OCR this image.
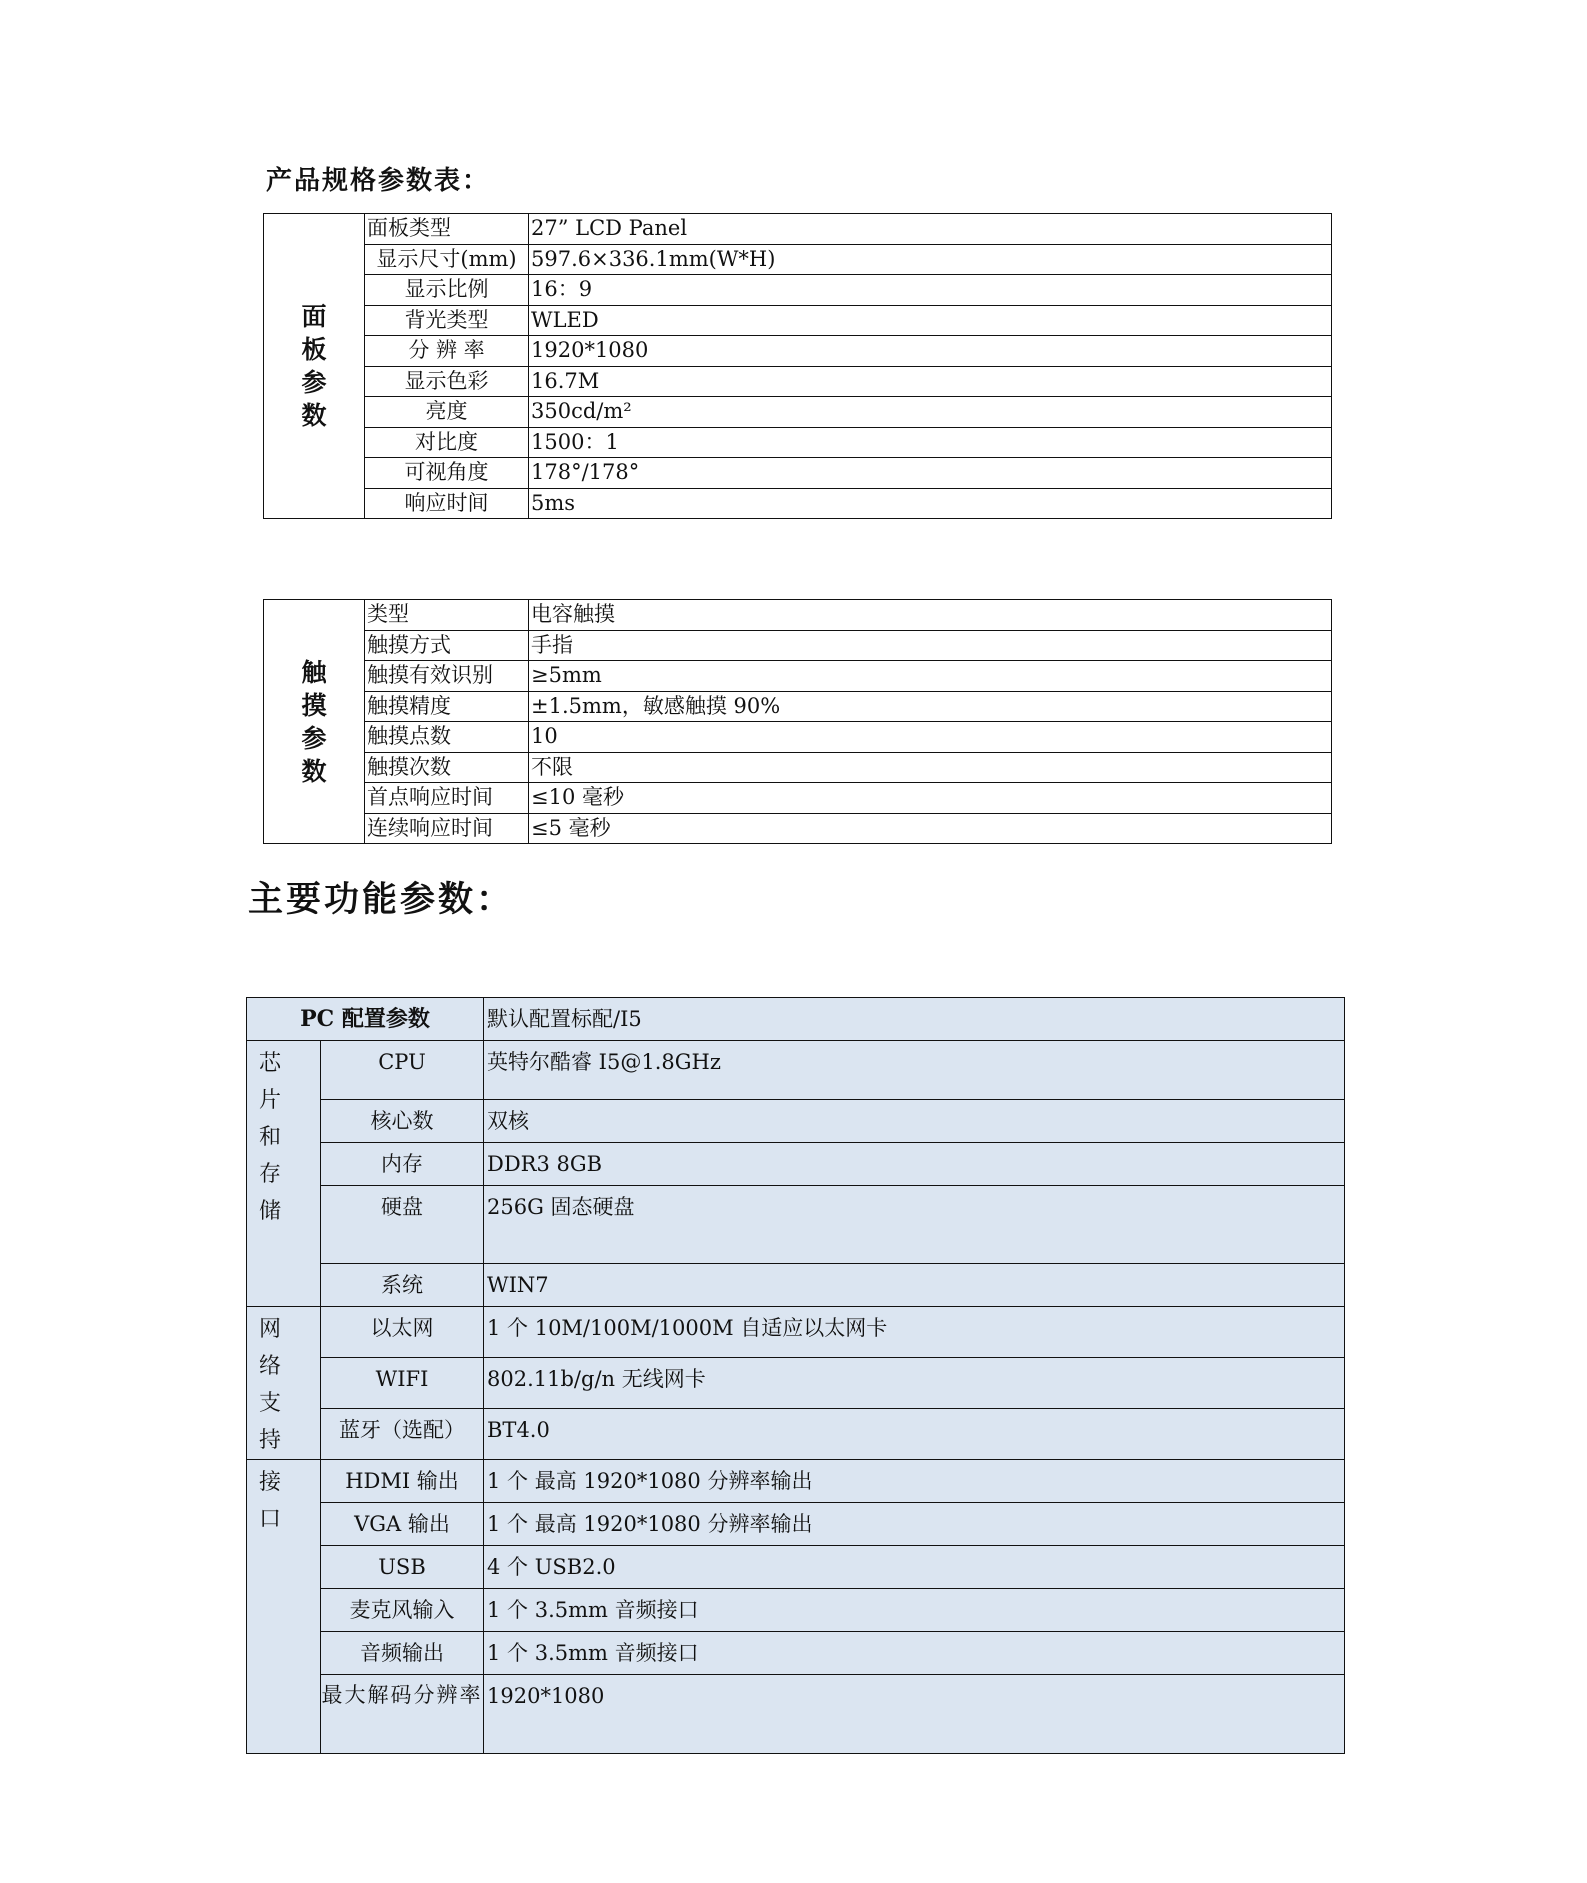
产品规格参数表：
面
板
参
数	面板类型	27” LCD Panel
	显示尺寸(mm)	597.6×336.1mm(W*H)
	显示比例	16：9
	背光类型	WLED
	分 辨 率	1920*1080
	显示色彩	16.7M
	亮度	350cd/m²
	对比度	1500：1
	可视角度	178°/178°
	响应时间	5ms
触
摸
参
数	类型	电容触摸
	触摸方式	手指
	触摸有效识别	≥5mm
	触摸精度	±1.5mm，敏感触摸 90%
	触摸点数	10
	触摸次数	不限
	首点响应时间	≤10 毫秒
	连续响应时间	≤5 毫秒
主要功能参数：
PC 配置参数		默认配置标配/I5
芯片和存储	CPU	英特尔酷睿 I5@1.8GHz
	核心数	双核
	内存	DDR3 8GB
	硬盘	256G 固态硬盘
	系统	WIN7
网络支持	以太网	1 个 10M/100M/1000M 自适应以太网卡
	WIFI	802.11b/g/n 无线网卡
	蓝牙（选配）	BT4.0
接口	HDMI 输出	1 个 最高 1920*1080 分辨率输出
	VGA 输出	1 个 最高 1920*1080 分辨率输出
	USB	4 个 USB2.0
	麦克风输入	1 个 3.5mm 音频接口
	音频输出	1 个 3.5mm 音频接口
	最大解码分辨率	1920*1080
